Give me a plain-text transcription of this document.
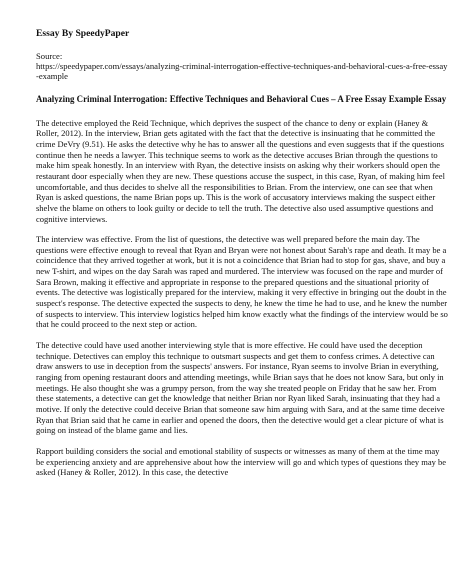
Essay By SpeedyPaper
Source:
https://speedypaper.com/essays/analyzing-criminal-interrogation-effective-techniques-and-behavioral-cues-a-free-essay-example
Analyzing Criminal Interrogation: Effective Techniques and Behavioral Cues – A Free Essay Example Essay

The detective employed the Reid Technique, which deprives the suspect of the chance to deny or explain (Haney & Roller, 2012). In the interview, Brian gets agitated with the fact that the detective is insinuating that he committed the crime DeVry (9.51). He asks the detective why he has to answer all the questions and even suggests that if the questions continue then he needs a lawyer. This technique seems to work as the detective accuses Brian through the questions to make him speak honestly. In an interview with Ryan, the detective insists on asking why their workers should open the restaurant door especially when they are new. These questions accuse the suspect, in this case, Ryan, of making him feel uncomfortable, and thus decides to shelve all the responsibilities to Brian. From the interview, one can see that when Ryan is asked questions, the name Brian pops up. This is the work of accusatory interviews making the suspect either shelve the blame on others to look guilty or decide to tell the truth. The detective also used assumptive questions and cognitive interviews.

The interview was effective. From the list of questions, the detective was well prepared before the main day. The questions were effective enough to reveal that Ryan and Bryan were not honest about Sarah's rape and death. It may be a coincidence that they arrived together at work, but it is not a coincidence that Brian had to stop for gas, shave, and buy a new T-shirt, and wipes on the day Sarah was raped and murdered. The interview was focused on the rape and murder of Sara Brown, making it effective and appropriate in response to the prepared questions and the situational priority of events. The detective was logistically prepared for the interview, making it very effective in bringing out the doubt in the suspect's response. The detective expected the suspects to deny, he knew the time he had to use, and he knew the number of suspects to interview. This interview logistics helped him know exactly what the findings of the interview would be so that he could proceed to the next step or action.

The detective could have used another interviewing style that is more effective. He could have used the deception technique. Detectives can employ this technique to outsmart suspects and get them to confess crimes. A detective can draw answers to use in deception from the suspects' answers. For instance, Ryan seems to involve Brian in everything, ranging from opening restaurant doors and attending meetings, while Brian says that he does not know Sara, but only in meetings. He also thought she was a grumpy person, from the way she treated people on Friday that he saw her. From these statements, a detective can get the knowledge that neither Brian nor Ryan liked Sarah, insinuating that they had a motive. If only the detective could deceive Brian that someone saw him arguing with Sara, and at the same time deceive Ryan that Brian said that he came in earlier and opened the doors, then the detective would get a clear picture of what is going on instead of the blame game and lies.

Rapport building considers the social and emotional stability of suspects or witnesses as many of them at the time may be experiencing anxiety and are apprehensive about how the interview will go and which types of questions they may be asked (Haney & Roller, 2012). In this case, the detective
